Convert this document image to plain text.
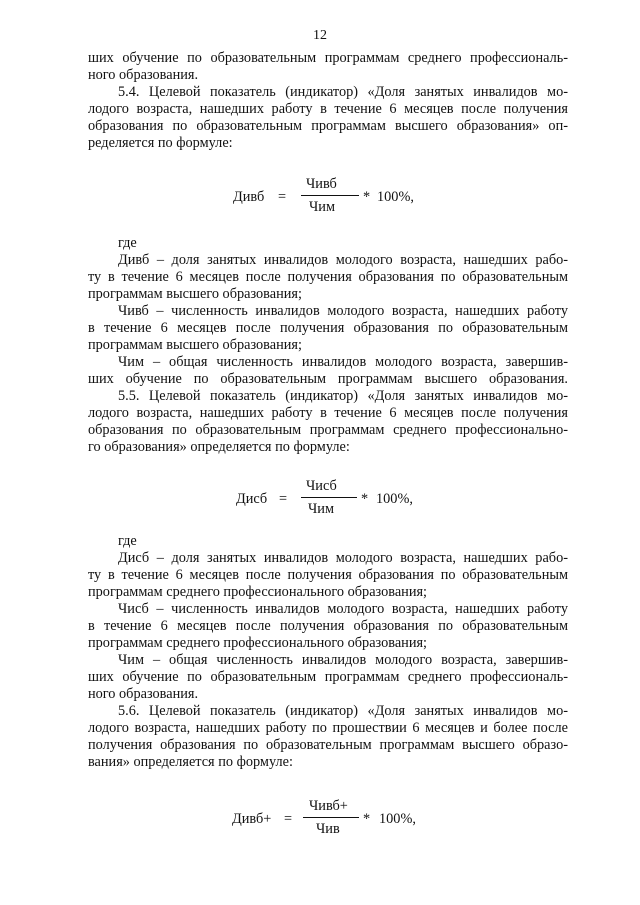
12
ших обучение по образовательным программам среднего профессиональ-
ного образования.
5.4. Целевой показатель (индикатор) «Доля занятых инвалидов мо-
лодого возраста, нашедших работу в течение 6 месяцев после получения
образования по образовательным программам высшего образования» оп-
ределяется по формуле:
Дивб =
Чивб
Чим
* 100%,
где
Дивб – доля занятых инвалидов молодого возраста, нашедших рабо-
ту в течение 6 месяцев после получения образования по образовательным
программам высшего образования;
Чивб – численность инвалидов молодого возраста, нашедших работу
в течение 6 месяцев после получения образования по образовательным
программам высшего образования;
Чим – общая численность инвалидов молодого возраста, завершив-
ших обучение по образовательным программам высшего образования.
5.5. Целевой показатель (индикатор) «Доля занятых инвалидов мо-
лодого возраста, нашедших работу в течение 6 месяцев после получения
образования по образовательным программам среднего профессионально-
го образования» определяется по формуле:
Дисб =
Чисб
Чим
* 100%,
где
Дисб – доля занятых инвалидов молодого возраста, нашедших рабо-
ту в течение 6 месяцев после получения образования по образовательным
программам среднего профессионального образования;
Чисб – численность инвалидов молодого возраста, нашедших работу
в течение 6 месяцев после получения образования по образовательным
программам среднего профессионального образования;
Чим – общая численность инвалидов молодого возраста, завершив-
ших обучение по образовательным программам среднего профессиональ-
ного образования.
5.6. Целевой показатель (индикатор) «Доля занятых инвалидов мо-
лодого возраста, нашедших работу по прошествии 6 месяцев и более после
получения образования по образовательным программам высшего образо-
вания» определяется по формуле:
Дивб+ =
Чивб+
Чив
* 100%,
